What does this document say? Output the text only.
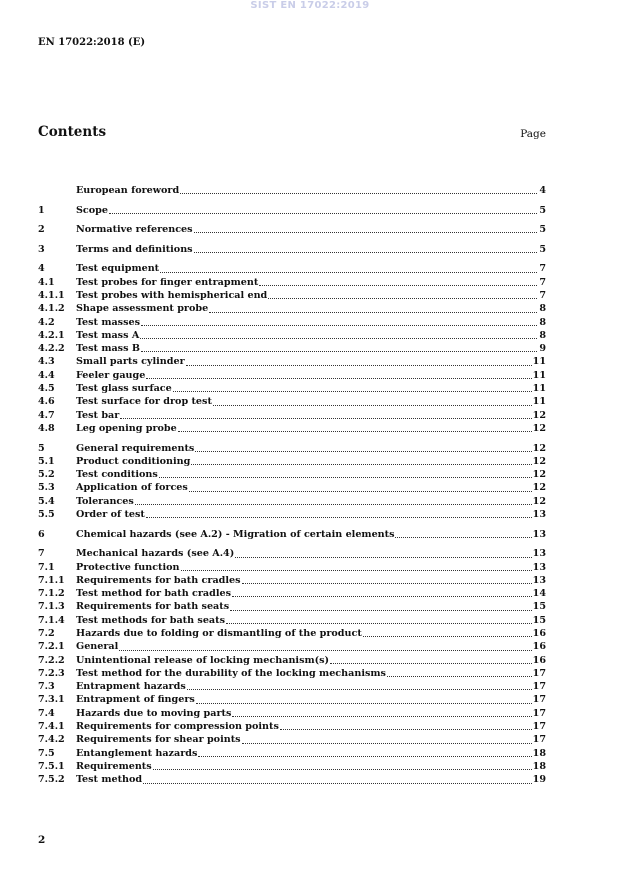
SIST EN 17022:2019
EN 17022:2018 (E)
Contents	Page
European foreword	4
1	Scope	5
2	Normative references	5
3	Terms and definitions	5
4	Test equipment	7
4.1	Test probes for finger entrapment	7
4.1.1	Test probes with hemispherical end	7
4.1.2	Shape assessment probe	8
4.2	Test masses	8
4.2.1	Test mass A	8
4.2.2	Test mass B	9
4.3	Small parts cylinder	11
4.4	Feeler gauge	11
4.5	Test glass surface	11
4.6	Test surface for drop test	11
4.7	Test bar	12
4.8	Leg opening probe	12
5	General requirements	12
5.1	Product conditioning	12
5.2	Test conditions	12
5.3	Application of forces	12
5.4	Tolerances	12
5.5	Order of test	13
6	Chemical hazards (see A.2) - Migration of certain elements	13
7	Mechanical hazards (see A.4)	13
7.1	Protective function	13
7.1.1	Requirements for bath cradles	13
7.1.2	Test method for bath cradles	14
7.1.3	Requirements for bath seats	15
7.1.4	Test methods for bath seats	15
7.2	Hazards due to folding or dismantling of the product	16
7.2.1	General	16
7.2.2	Unintentional release of locking mechanism(s)	16
7.2.3	Test method for the durability of the locking mechanisms	17
7.3	Entrapment hazards	17
7.3.1	Entrapment of fingers	17
7.4	Hazards due to moving parts	17
7.4.1	Requirements for compression points	17
7.4.2	Requirements for shear points	17
7.5	Entanglement hazards	18
7.5.1	Requirements	18
7.5.2	Test method	19
2
